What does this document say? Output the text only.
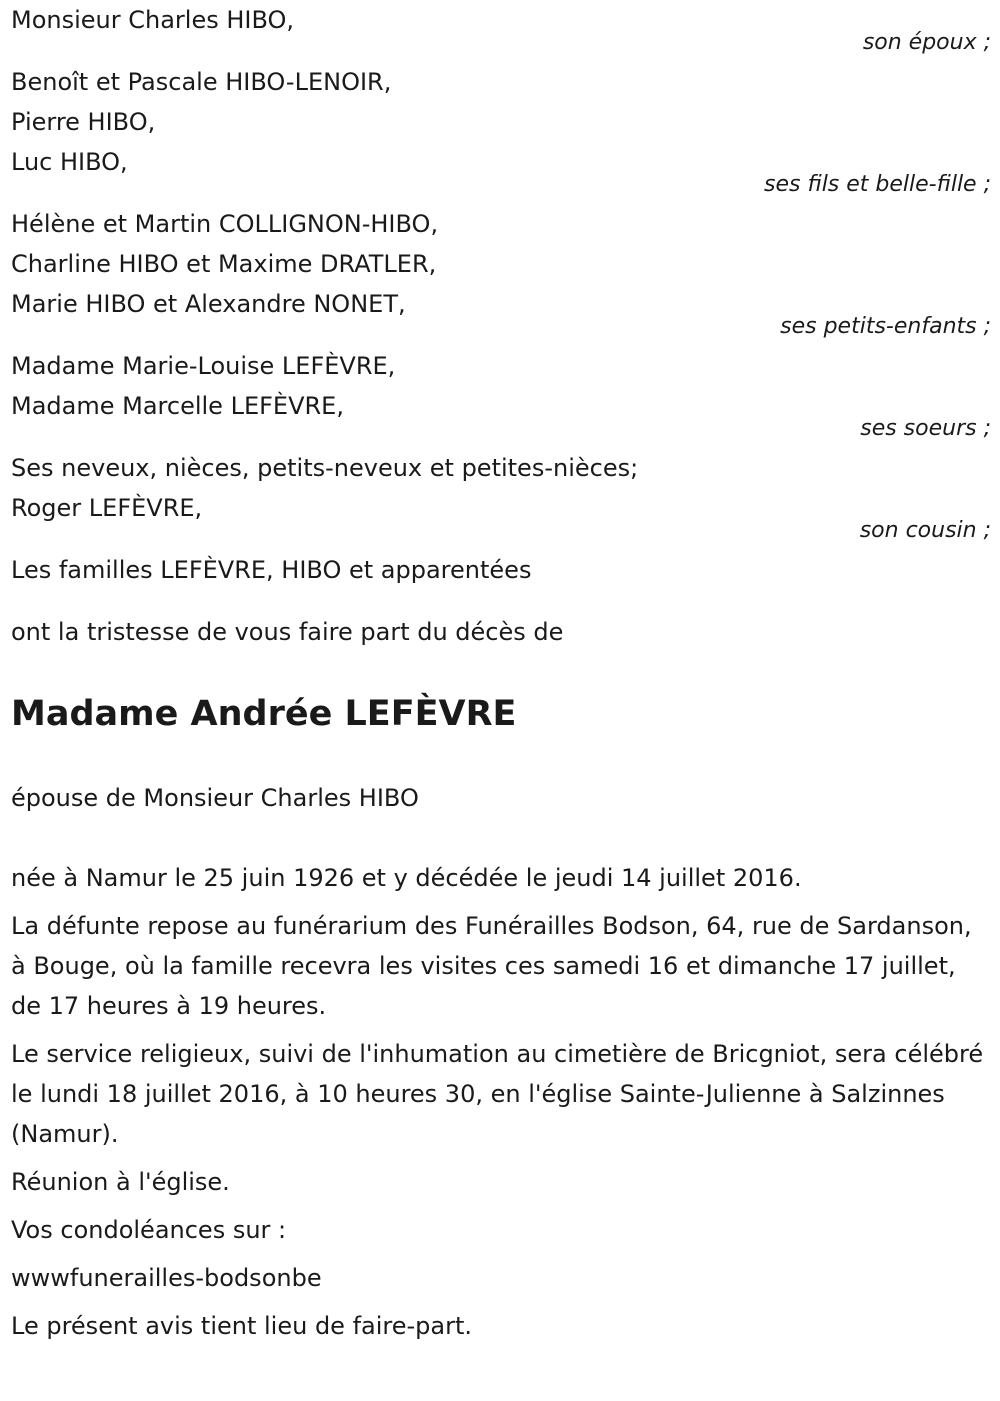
Monsieur Charles HIBO,
son époux ;
Benoît et Pascale HIBO-LENOIR,
Pierre HIBO,
Luc HIBO,
ses fils et belle-fille ;
Hélène et Martin COLLIGNON-HIBO,
Charline HIBO et Maxime DRATLER,
Marie HIBO et Alexandre NONET,
ses petits-enfants ;
Madame Marie-Louise LEFÈVRE,
Madame Marcelle LEFÈVRE,
ses soeurs ;
Ses neveux, nièces, petits-neveux et petites-nièces;
Roger LEFÈVRE,
son cousin ;
Les familles LEFÈVRE, HIBO et apparentées
ont la tristesse de vous faire part du décès de
Madame Andrée LEFÈVRE
épouse de Monsieur Charles HIBO
née à Namur le 25 juin 1926 et y décédée le jeudi 14 juillet 2016.
La défunte repose au funérarium des Funérailles Bodson, 64, rue de Sardanson, à Bouge, où la famille recevra les visites ces samedi 16 et dimanche 17 juillet, de 17 heures à 19 heures.
Le service religieux, suivi de l'inhumation au cimetière de Bricgniot, sera célébré le lundi 18 juillet 2016, à 10 heures 30, en l'église Sainte-Julienne à Salzinnes (Namur).
Réunion à l'église.
Vos condoléances sur :
wwwfunerailles-bodsonbe
Le présent avis tient lieu de faire-part.
